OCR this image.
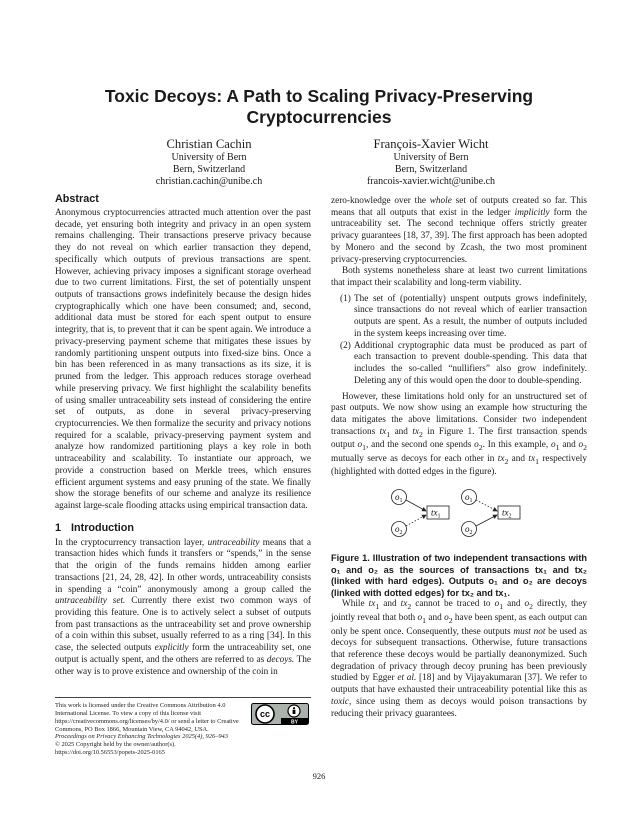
Toxic Decoys: A Path to Scaling Privacy-Preserving Cryptocurrencies
Christian Cachin
University of Bern
Bern, Switzerland
christian.cachin@unibe.ch
François-Xavier Wicht
University of Bern
Bern, Switzerland
francois-xavier.wicht@unibe.ch
Abstract

Anonymous cryptocurrencies attracted much attention over the past decade, yet ensuring both integrity and privacy in an open system remains challenging. Their transactions preserve privacy because they do not reveal on which earlier transaction they depend, specifically which outputs of previous transactions are spent. However, achieving privacy imposes a significant storage overhead due to two current limitations. First, the set of potentially unspent outputs of transactions grows indefinitely because the design hides cryptographically which one have been consumed; and, second, additional data must be stored for each spent output to ensure integrity, that is, to prevent that it can be spent again. We introduce a privacy-preserving payment scheme that mitigates these issues by randomly partitioning unspent outputs into fixed-size bins. Once a bin has been referenced in as many transactions as its size, it is pruned from the ledger. This approach reduces storage overhead while preserving privacy. We first highlight the scalability benefits of using smaller untraceability sets instead of considering the entire set of outputs, as done in several privacy-preserving cryptocurrencies. We then formalize the security and privacy notions required for a scalable, privacy-preserving payment system and analyze how randomized partitioning plays a key role in both untraceability and scalability. To instantiate our approach, we provide a construction based on Merkle trees, which ensures efficient argument systems and easy pruning of the state. We finally show the storage benefits of our scheme and analyze its resilience against large-scale flooding attacks using empirical transaction data.

1 Introduction

In the cryptocurrency transaction layer, untraceability means that a transaction hides which funds it transfers or “spends,” in the sense that the origin of the funds remains hidden among earlier transactions [21, 24, 28, 42]. In other words, untraceability consists in spending a “coin” anonymously among a group called the untraceability set. Currently there exist two common ways of providing this feature. One is to actively select a subset of outputs from past transactions as the untraceability set and prove ownership of a coin within this subset, usually referred to as a ring [34]. In this case, the selected outputs explicitly form the untraceability set, one output is actually spent, and the others are referred to as decoys. The other way is to prove existence and ownership of the coin in

zero-knowledge over the whole set of outputs created so far. This means that all outputs that exist in the ledger implicitly form the untraceability set. The second technique offers strictly greater privacy guarantees [18, 37, 39]. The first approach has been adopted by Monero and the second by Zcash, the two most prominent privacy-preserving cryptocurrencies.

Both systems nonetheless share at least two current limitations that impact their scalability and long-term viability.

(1) The set of (potentially) unspent outputs grows indefinitely, since transactions do not reveal which of earlier transaction outputs are spent. As a result, the number of outputs included in the system keeps increasing over time.
(2) Additional cryptographic data must be produced as part of each transaction to prevent double-spending. This data that includes the so-called “nullifiers” also grow indefinitely. Deleting any of this would open the door to double-spending.

However, these limitations hold only for an unstructured set of past outputs. We now show using an example how structuring the data mitigates the above limitations. Consider two independent transactions $tx_1$ and $tx_2$ in Figure 1. The first transaction spends output $o_1$, and the second one spends $o_2$. In this example, $o_1$ and $o_2$ mutually serve as decoys for each other in $tx_2$ and $tx_1$ respectively (highlighted with dotted edges in the figure).

$o_1$
$o_2$
$o_1$
$o_2$
$tx_1$	$tx_2$

Figure 1. Illustration of two independent transactions with o₁ and o₂ as the sources of transactions tx₁ and tx₂ (linked with hard edges). Outputs o₁ and o₂ are decoys (linked with dotted edges) for tx₂ and tx₁.

While $tx_1$ and $tx_2$ cannot be traced to $o_1$ and $o_2$ directly, they jointly reveal that both $o_1$ and $o_2$ have been spent, as each output can only be spent once. Consequently, these outputs must not be used as decoys for subsequent transactions. Otherwise, future transactions that reference these decoys would be partially deanonymized. Such degradation of privacy through decoy pruning has been previously studied by Egger et al. [18] and by Vijayakumaran [37]. We refer to outputs that have exhausted their untraceability potential like this as toxic, since using them as decoys would poison transactions by reducing their privacy guarantees.

This work is licensed under the Creative Commons Attribution 4.0 International License. To view a copy of this license visit https://creativecommons.org/licenses/by/4.0/ or send a letter to Creative Commons, PO Box 1866, Mountain View, CA 94042, USA.
Proceedings on Privacy Enhancing Technologies 2025(4), 926–943
© 2025 Copyright held by the owner/author(s).
https://doi.org/10.56553/popets-2025-0165
cc
BY
926
